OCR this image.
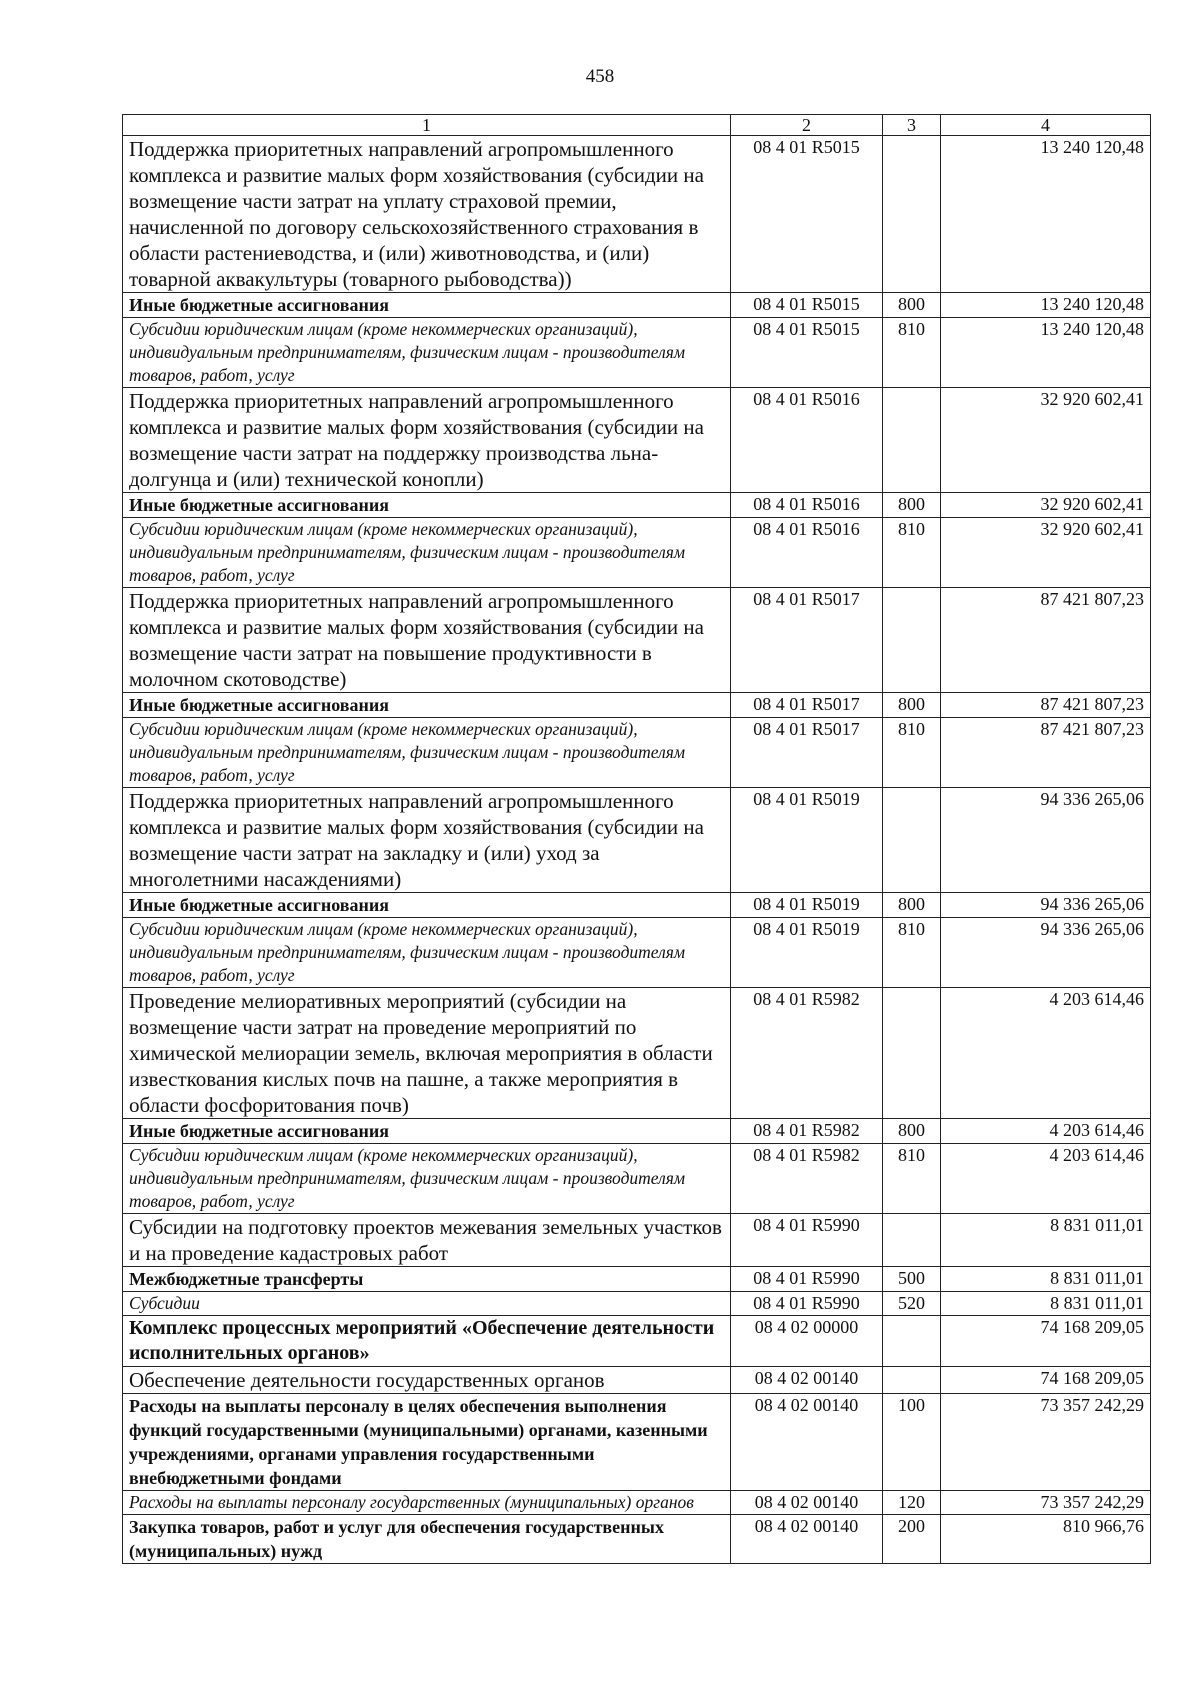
458
1	2	3	4
Поддержка приоритетных направлений агропромышленного комплекса и развитие малых форм хозяйствования (субсидии на возмещение части затрат на уплату страховой премии, начисленной по договору сельскохозяйственного страхования в области растениеводства, и (или) животноводства, и (или) товарной аквакультуры (товарного рыбоводства))	08 4 01 R5015		13 240 120,48
Иные бюджетные ассигнования	08 4 01 R5015	800	13 240 120,48
Субсидии юридическим лицам (кроме некоммерческих организаций), индивидуальным предпринимателям, физическим лицам - производителям товаров, работ, услуг	08 4 01 R5015	810	13 240 120,48
Поддержка приоритетных направлений агропромышленного комплекса и развитие малых форм хозяйствования (субсидии на возмещение части затрат на поддержку производства льна-долгунца и (или) технической конопли)	08 4 01 R5016		32 920 602,41
Иные бюджетные ассигнования	08 4 01 R5016	800	32 920 602,41
Субсидии юридическим лицам (кроме некоммерческих организаций), индивидуальным предпринимателям, физическим лицам - производителям товаров, работ, услуг	08 4 01 R5016	810	32 920 602,41
Поддержка приоритетных направлений агропромышленного комплекса и развитие малых форм хозяйствования (субсидии на возмещение части затрат на повышение продуктивности в молочном скотоводстве)	08 4 01 R5017		87 421 807,23
Иные бюджетные ассигнования	08 4 01 R5017	800	87 421 807,23
Субсидии юридическим лицам (кроме некоммерческих организаций), индивидуальным предпринимателям, физическим лицам - производителям товаров, работ, услуг	08 4 01 R5017	810	87 421 807,23
Поддержка приоритетных направлений агропромышленного комплекса и развитие малых форм хозяйствования (субсидии на возмещение части затрат на закладку и (или) уход за многолетними насаждениями)	08 4 01 R5019		94 336 265,06
Иные бюджетные ассигнования	08 4 01 R5019	800	94 336 265,06
Субсидии юридическим лицам (кроме некоммерческих организаций), индивидуальным предпринимателям, физическим лицам - производителям товаров, работ, услуг	08 4 01 R5019	810	94 336 265,06
Проведение мелиоративных мероприятий (субсидии на возмещение части затрат на проведение мероприятий по химической мелиорации земель, включая мероприятия в области известкования кислых почв на пашне, а также мероприятия в области фосфоритования почв)	08 4 01 R5982		4 203 614,46
Иные бюджетные ассигнования	08 4 01 R5982	800	4 203 614,46
Субсидии юридическим лицам (кроме некоммерческих организаций), индивидуальным предпринимателям, физическим лицам - производителям товаров, работ, услуг	08 4 01 R5982	810	4 203 614,46
Субсидии на подготовку проектов межевания земельных участков и на проведение кадастровых работ	08 4 01 R5990		8 831 011,01
Межбюджетные трансферты	08 4 01 R5990	500	8 831 011,01
Субсидии	08 4 01 R5990	520	8 831 011,01
Комплекс процессных мероприятий «Обеспечение деятельности исполнительных органов»	08 4 02 00000		74 168 209,05
Обеспечение деятельности государственных органов	08 4 02 00140		74 168 209,05
Расходы на выплаты персоналу в целях обеспечения выполнения функций государственными (муниципальными) органами, казенными учреждениями, органами управления государственными внебюджетными фондами	08 4 02 00140	100	73 357 242,29
Расходы на выплаты персоналу государственных (муниципальных) органов	08 4 02 00140	120	73 357 242,29
Закупка товаров, работ и услуг для обеспечения государственных (муниципальных) нужд	08 4 02 00140	200	810 966,76
